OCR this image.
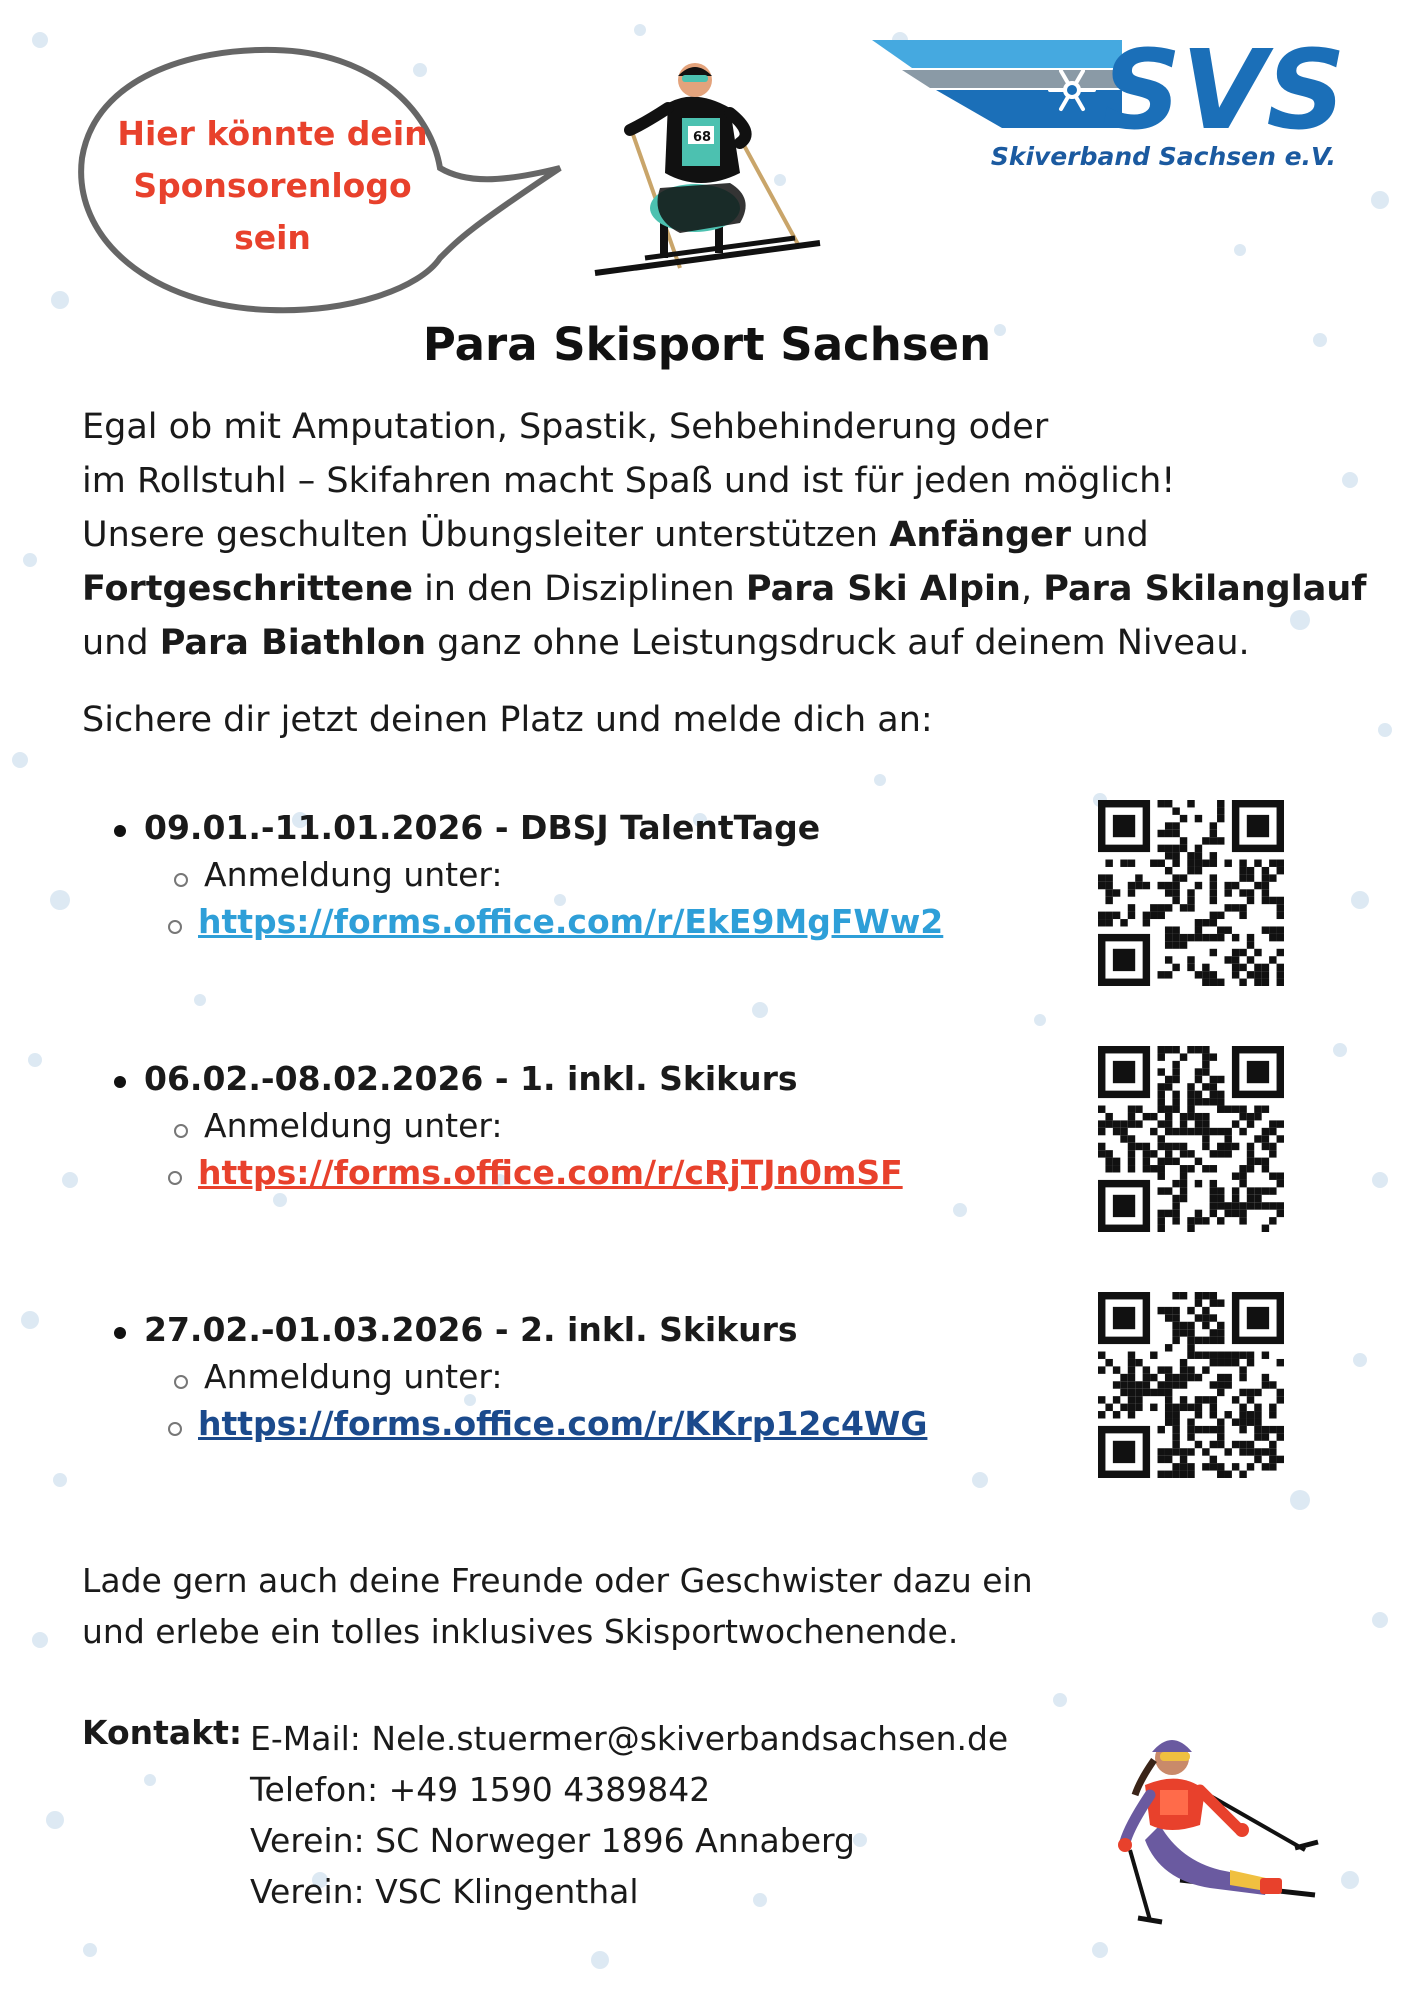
Hier könnte dein
Sponsorenlogo
sein
68	SVS
Skiverband Sachsen e.V.
Para Skisport Sachsen
Egal ob mit Amputation, Spastik, Sehbehinderung oder
im Rollstuhl – Skifahren macht Spaß und ist für jeden möglich!
Unsere geschulten Übungsleiter unterstützen Anfänger und
Fortgeschrittene in den Disziplinen Para Ski Alpin, Para Skilanglauf
und Para Biathlon ganz ohne Leistungsdruck auf deinem Niveau.
Sichere dir jetzt deinen Platz und melde dich an:
09.01.-11.01.2026 - DBSJ TalentTage
Anmeldung unter:
https://forms.office.com/r/EkE9MgFWw2
06.02.-08.02.2026 - 1. inkl. Skikurs
Anmeldung unter:
https://forms.office.com/r/cRjTJn0mSF
27.02.-01.03.2026 - 2. inkl. Skikurs
Anmeldung unter:
https://forms.office.com/r/KKrp12c4WG
Lade gern auch deine Freunde oder Geschwister dazu ein
und erlebe ein tolles inklusives Skisportwochenende.
Kontakt: E-Mail: Nele.stuermer@skiverbandsachsen.de
Telefon: +49 1590 4389842
Verein: SC Norweger 1896 Annaberg
Verein: VSC Klingenthal
